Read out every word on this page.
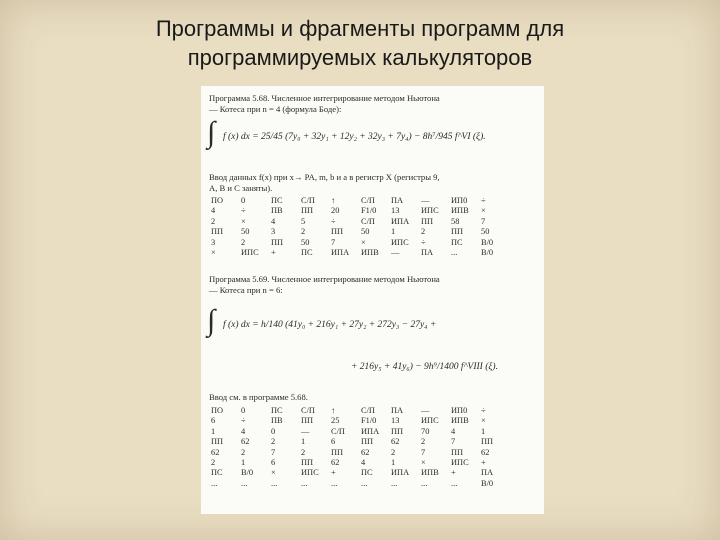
Программы и фрагменты программ для
программируемых калькуляторов
Программа 5.68. Численное интегрирование методом Ньютона
— Котеса при n = 4 (формула Боде):
∫ f (x) dx = 25/45 (7y₀ + 32y₁ + 12y₂ + 32y₃ + 7y₄) − 8h⁷/945 f^VI (ξ).
Ввод данных f(x) при x→ PA, m, b и a в регистр X (регистры 9,
A, B и C заняты).
ПО	0	ПС	С/П	↑	С/П	ПА	—	ИП0	÷
4	÷	ПВ	ПП	20	F1/0	13	ИПС	ИПВ	×
2	×	4	5	÷	С/П	ИПА	ПП	58	7
ПП	50	3	2	ПП	50	1	2	ПП	50
3	2	ПП	50	7	×	ИПС	÷	ПС	В/0
×	ИПС	+	ПС	ИПА	ИПВ	—	ПА	...	В/0
Программа 5.69. Численное интегрирование методом Ньютона
— Котеса при n = 6:
∫ f (x) dx = h/140 (41y₀ + 216y₁ + 27y₂ + 272y₃ − 27y₄ +
+ 216y₅ + 41y₆) − 9h⁹/1400 f^VIII (ξ).
Ввод см. в программе 5.68.
ПО	0	ПС	С/П	↑	С/П	ПА	—	ИП0	÷
6	÷	ПВ	ПП	25	F1/0	13	ИПС	ИПВ	×
1	4	0	—	С/П	ИПА	ПП	70	4	1
ПП	62	2	1	6	ПП	62	2	7	ПП
62	2	7	2	ПП	62	2	7	ПП	62
2	1	6	ПП	62	4	1	×	ИПС	+
ПС	В/0	×	ИПС	+	ПС	ИПА	ИПВ	+	ПА
...	...	...	...	...	...	...	...	...	В/0
